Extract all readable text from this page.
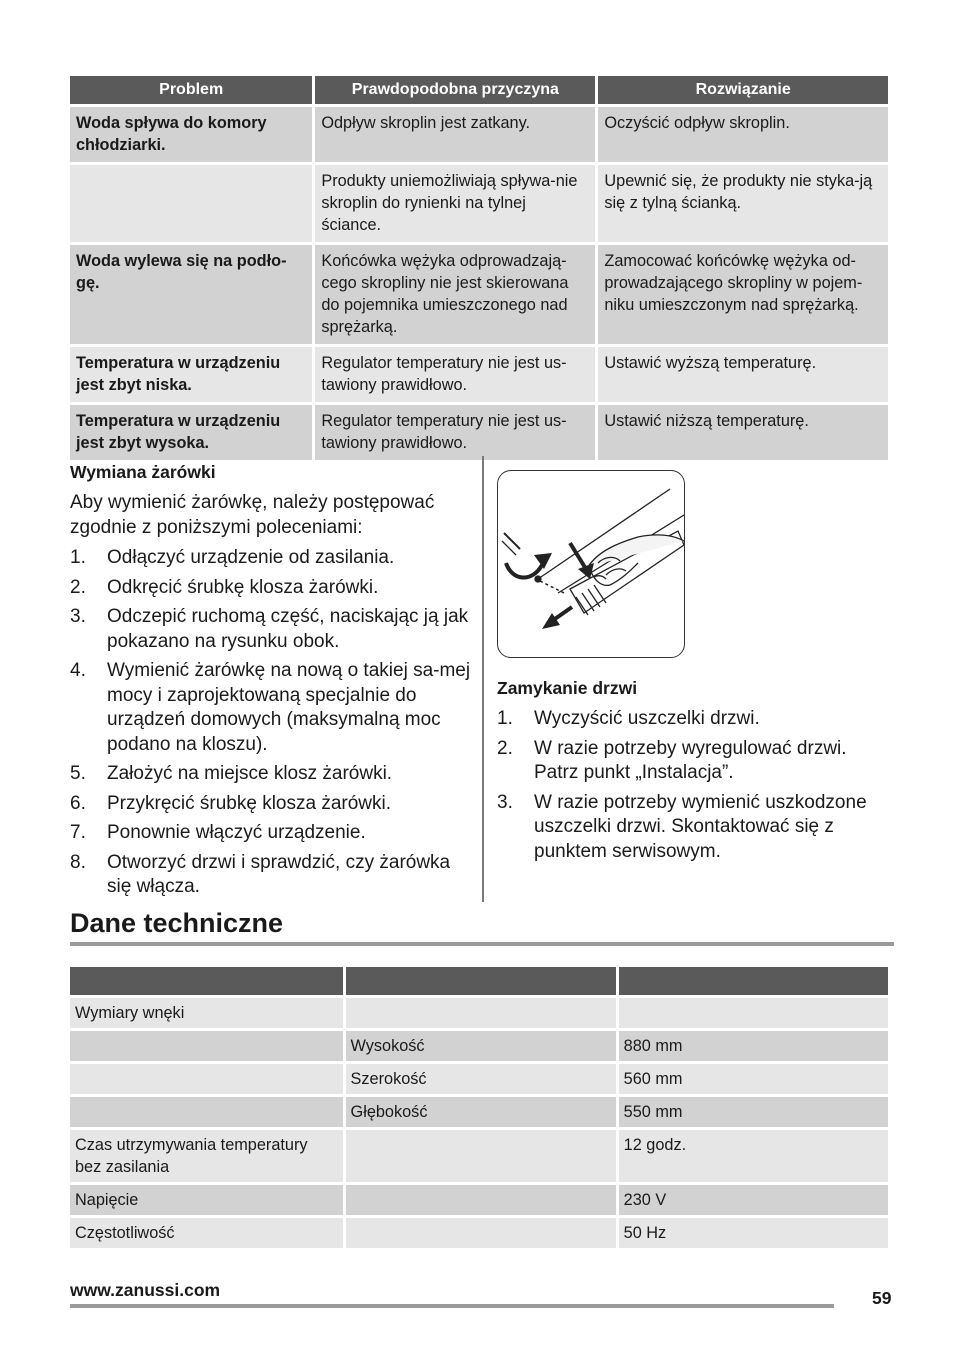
Problem	Prawdopodobna przyczyna	Rozwiązanie
Woda spływa do komory chłodziarki.	Odpływ skroplin jest zatkany.	Oczyścić odpływ skroplin.
	Produkty uniemożliwiają spływa-nie skroplin do rynienki na tylnej ściance.	Upewnić się, że produkty nie styka-ją się z tylną ścianką.
Woda wylewa się na podło-gę.	Końcówka wężyka odprowadzają-cego skropliny nie jest skierowana do pojemnika umieszczonego nad sprężarką.	Zamocować końcówkę wężyka od-prowadzającego skropliny w pojem-niku umieszczonym nad sprężarką.
Temperatura w urządzeniu jest zbyt niska.	Regulator temperatury nie jest us-tawiony prawidłowo.	Ustawić wyższą temperaturę.
Temperatura w urządzeniu jest zbyt wysoka.	Regulator temperatury nie jest us-tawiony prawidłowo.	Ustawić niższą temperaturę.
Wymiana żarówki

Aby wymienić żarówkę, należy postępować zgodnie z poniższymi poleceniami:

1.	Odłączyć urządzenie od zasilania.
2.	Odkręcić śrubkę klosza żarówki.
3.	Odczepić ruchomą część, naciskając ją jak pokazano na rysunku obok.
4.	Wymienić żarówkę na nową o takiej sa-mej mocy i zaprojektowaną specjalnie do urządzeń domowych (maksymalną moc podano na kloszu).
5.	Założyć na miejsce klosz żarówki.
6.	Przykręcić śrubkę klosza żarówki.
7.	Ponownie włączyć urządzenie.
8.	Otworzyć drzwi i sprawdzić, czy żarówka się włącza.
Zamykanie drzwi
1.	Wyczyścić uszczelki drzwi.
2.	W razie potrzeby wyregulować drzwi. Patrz punkt „Instalacja”.
3.	W razie potrzeby wymienić uszkodzone uszczelki drzwi. Skontaktować się z punktem serwisowym.
Dane techniczne

Wymiary wnęki		
	Wysokość	880 mm
	Szerokość	560 mm
	Głębokość	550 mm
Czas utrzymywania temperatury bez zasilania		12 godz.
Napięcie		230 V
Częstotliwość		50 Hz
www.zanussi.com	59
